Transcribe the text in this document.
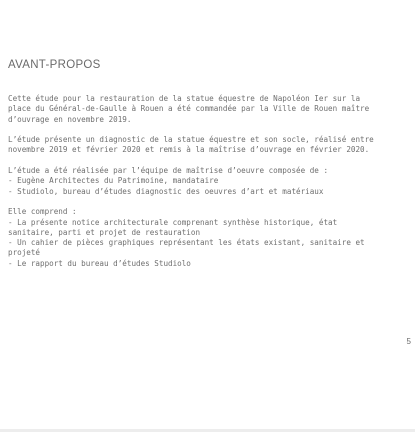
AVANT-PROPOS

Cette étude pour la restauration de la statue équestre de Napoléon Ier sur la
place du Général-de-Gaulle à Rouen a été commandée par la Ville de Rouen maître
d’ouvrage en novembre 2019.

L’étude présente un diagnostic de la statue équestre et son socle, réalisé entre
novembre 2019 et février 2020 et remis à la maîtrise d’ouvrage en février 2020.

L’étude a été réalisée par l’équipe de maîtrise d’oeuvre composée de :
- Eugène Architectes du Patrimoine, mandataire
- Studiolo, bureau d’études diagnostic des oeuvres d’art et matériaux

Elle comprend :
- La présente notice architecturale comprenant synthèse historique, état
sanitaire, parti et projet de restauration
- Un cahier de pièces graphiques représentant les états existant, sanitaire et
projeté
- Le rapport du bureau d’études Studiolo

5
